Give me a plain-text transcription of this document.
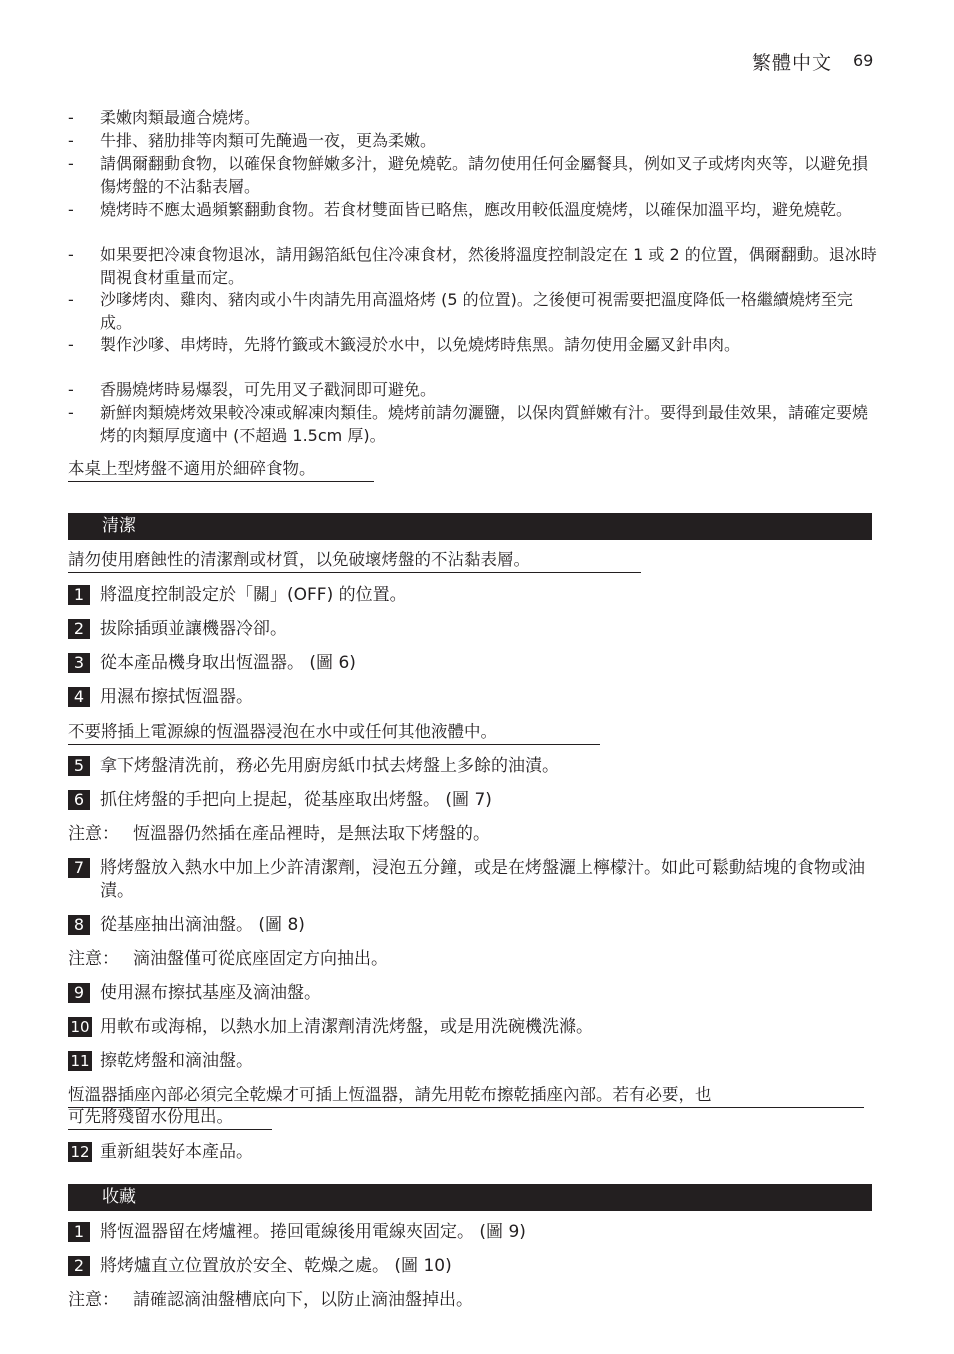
繁體中文 69
- 柔嫩肉類最適合燒烤。
- 牛排、豬肋排等肉類可先醃過一夜，更為柔嫩。
- 請偶爾翻動食物，以確保食物鮮嫩多汁，避免燒乾。請勿使用任何金屬餐具，例如叉子或烤肉夾等，以避免損傷烤盤的不沾黏表層。
- 燒烤時不應太過頻繁翻動食物。若食材雙面皆已略焦，應改用較低溫度燒烤，以確保加溫平均，避免燒乾。
- 如果要把冷凍食物退冰，請用錫箔紙包住冷凍食材，然後將溫度控制設定在 1 或 2 的位置，偶爾翻動。退冰時間視食材重量而定。
- 沙嗲烤肉、雞肉、豬肉或小牛肉請先用高溫烙烤 (5 的位置)。之後便可視需要把溫度降低一格繼續燒烤至完成。
- 製作沙嗲、串烤時，先將竹籤或木籤浸於水中，以免燒烤時焦黑。請勿使用金屬叉針串肉。
- 香腸燒烤時易爆裂，可先用叉子戳洞即可避免。
- 新鮮肉類燒烤效果較冷凍或解凍肉類佳。燒烤前請勿灑鹽，以保肉質鮮嫩有汁。要得到最佳效果，請確定要燒烤的肉類厚度適中 (不超過 1.5cm 厚)。
本桌上型烤盤不適用於細碎食物。
清潔
請勿使用磨蝕性的清潔劑或材質，以免破壞烤盤的不沾黏表層。
1 將溫度控制設定於「關」(OFF) 的位置。
2 拔除插頭並讓機器冷卻。
3 從本產品機身取出恆溫器。 (圖 6)
4 用濕布擦拭恆溫器。
不要將插上電源線的恆溫器浸泡在水中或任何其他液體中。
5 拿下烤盤清洗前，務必先用廚房紙巾拭去烤盤上多餘的油漬。
6 抓住烤盤的手把向上提起，從基座取出烤盤。 (圖 7)
注意： 恆溫器仍然插在產品裡時，是無法取下烤盤的。
7 將烤盤放入熱水中加上少許清潔劑，浸泡五分鐘，或是在烤盤灑上檸檬汁。如此可鬆動結塊的食物或油漬。
8 從基座抽出滴油盤。 (圖 8)
注意： 滴油盤僅可從底座固定方向抽出。
9 使用濕布擦拭基座及滴油盤。
10 用軟布或海棉，以熱水加上清潔劑清洗烤盤，或是用洗碗機洗滌。
11 擦乾烤盤和滴油盤。
恆溫器插座內部必須完全乾燥才可插上恆溫器，請先用乾布擦乾插座內部。若有必要，也
可先將殘留水份甩出。
12 重新組裝好本產品。
收藏
1 將恆溫器留在烤爐裡。捲回電線後用電線夾固定。 (圖 9)
2 將烤爐直立位置放於安全、乾燥之處。 (圖 10)
注意： 請確認滴油盤槽底向下，以防止滴油盤掉出。
